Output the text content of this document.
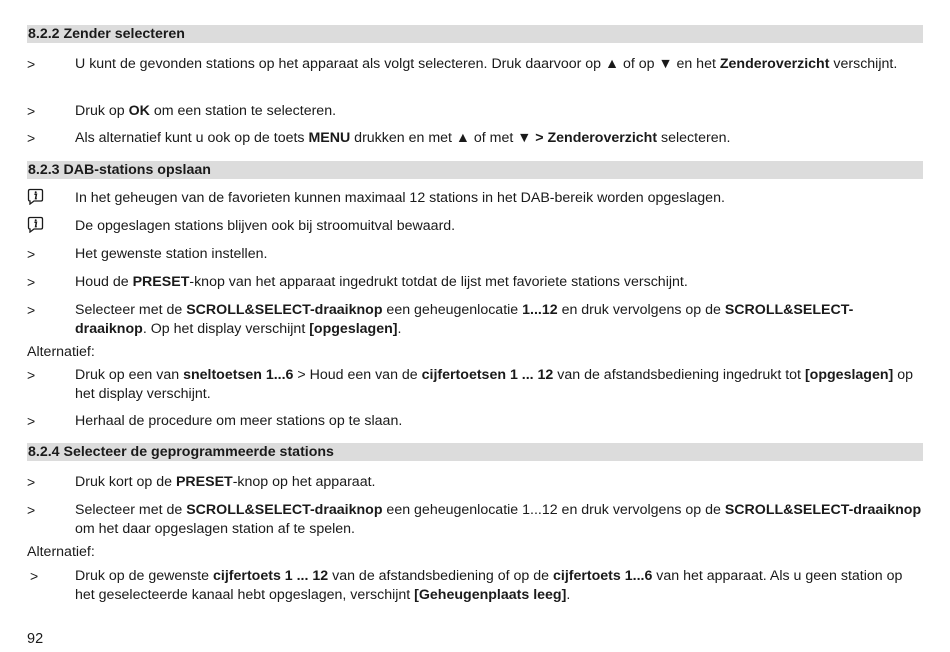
8.2.2 Zender selecteren
>	U kunt de gevonden stations op het apparaat als volgt selecteren. Druk daarvoor op ▲ of op ▼ en het Zenderoverzicht verschijnt.
>	Druk op OK om een station te selecteren.
>	Als alternatief kunt u ook op de toets MENU drukken en met ▲ of met ▼ > Zenderoverzicht selecteren.
8.2.3 DAB-stations opslaan
In het geheugen van de favorieten kunnen maximaal 12 stations in het DAB-bereik worden opgeslagen.
De opgeslagen stations blijven ook bij stroomuitval bewaard.
>	Het gewenste station instellen.
>	Houd de PRESET-knop van het apparaat ingedrukt totdat de lijst met favoriete stations verschijnt.
>	Selecteer met de SCROLL&SELECT-draaiknop een geheugenlocatie 1...12 en druk vervolgens op de SCROLL&SELECT-draaiknop. Op het display verschijnt [opgeslagen].
Alternatief:
>	Druk op een van sneltoetsen 1...6 > Houd een van de cijfertoetsen 1 ... 12 van de afstandsbediening ingedrukt tot [opgeslagen] op het display verschijnt.
>	Herhaal de procedure om meer stations op te slaan.
8.2.4 Selecteer de geprogrammeerde stations
>	Druk kort op de PRESET-knop op het apparaat.
>	Selecteer met de SCROLL&SELECT-draaiknop een geheugenlocatie 1...12 en druk vervolgens op de SCROLL&SELECT-draaiknop om het daar opgeslagen station af te spelen.
Alternatief:
>	Druk op de gewenste cijfertoets 1 ... 12 van de afstandsbediening of op de cijfertoets 1...6 van het apparaat. Als u geen station op het geselecteerde kanaal hebt opgeslagen, verschijnt [Geheugenplaats leeg].
92
